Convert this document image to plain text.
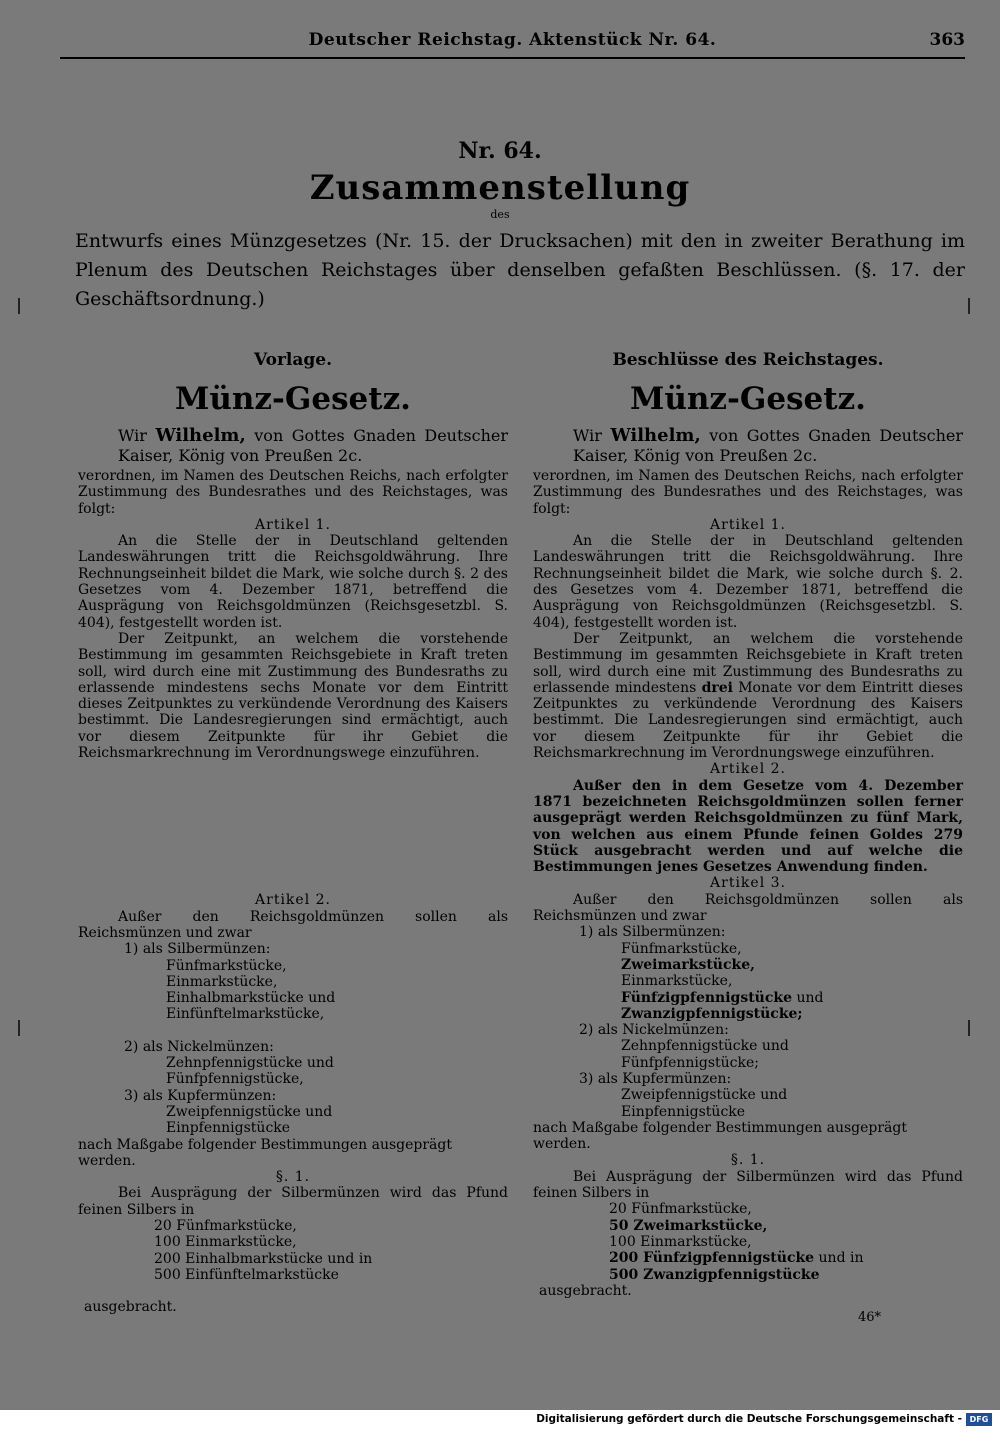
Deutscher Reichstag. Aktenstück Nr. 64.	363
Nr. 64.
Zusammenstellung
des
Entwurfs eines Münzgesetzes (Nr. 15. der Drucksachen) mit den in zweiter Berathung im Plenum des Deutschen Reichstages über denselben gefaßten Beschlüssen. (§. 17. der Geschäftsordnung.)
Vorlage.
Münz-Gesetz.

Wir Wilhelm, von Gottes Gnaden Deutscher Kaiser, König von Preußen 2c.

verordnen, im Namen des Deutschen Reichs, nach erfolgter Zustimmung des Bundesrathes und des Reichstages, was folgt:

Artikel 1.

An die Stelle der in Deutschland geltenden Landeswährungen tritt die Reichsgoldwährung. Ihre Rechnungseinheit bildet die Mark, wie solche durch §. 2 des Gesetzes vom 4. Dezember 1871, betreffend die Ausprägung von Reichsgoldmünzen (Reichsgesetzbl. S. 404), festgestellt worden ist.

Der Zeitpunkt, an welchem die vorstehende Bestimmung im gesammten Reichsgebiete in Kraft treten soll, wird durch eine mit Zustimmung des Bundesraths zu erlassende mindestens sechs Monate vor dem Eintritt dieses Zeitpunktes zu verkündende Verordnung des Kaisers bestimmt. Die Landesregierungen sind ermächtigt, auch vor diesem Zeitpunkte für ihr Gebiet die Reichsmarkrechnung im Verordnungswege einzuführen.

Artikel 2.

Außer den Reichsgoldmünzen sollen als Reichsmünzen und zwar

1) als Silbermünzen:

Fünfmarkstücke,

Einmarkstücke,

Einhalbmarkstücke und

Einfünftelmarkstücke,

2) als Nickelmünzen:

Zehnpfennigstücke und

Fünfpfennigstücke,

3) als Kupfermünzen:

Zweipfennigstücke und

Einpfennigstücke

nach Maßgabe folgender Bestimmungen ausgeprägt werden.

§. 1.

Bei Ausprägung der Silbermünzen wird das Pfund feinen Silbers in

20 Fünfmarkstücke,

100 Einmarkstücke,

200 Einhalbmarkstücke und in

500 Einfünftelmarkstücke

ausgebracht.

Beschlüsse des Reichstages.
Münz-Gesetz.

Wir Wilhelm, von Gottes Gnaden Deutscher Kaiser, König von Preußen 2c.

verordnen, im Namen des Deutschen Reichs, nach erfolgter Zustimmung des Bundesrathes und des Reichstages, was folgt:

Artikel 1.

An die Stelle der in Deutschland geltenden Landeswährungen tritt die Reichsgoldwährung. Ihre Rechnungseinheit bildet die Mark, wie solche durch §. 2. des Gesetzes vom 4. Dezember 1871, betreffend die Ausprägung von Reichsgoldmünzen (Reichsgesetzbl. S. 404), festgestellt worden ist.

Der Zeitpunkt, an welchem die vorstehende Bestimmung im gesammten Reichsgebiete in Kraft treten soll, wird durch eine mit Zustimmung des Bundesraths zu erlassende mindestens drei Monate vor dem Eintritt dieses Zeitpunktes zu verkündende Verordnung des Kaisers bestimmt. Die Landesregierungen sind ermächtigt, auch vor diesem Zeitpunkte für ihr Gebiet die Reichsmarkrechnung im Verordnungswege einzuführen.

Artikel 2.

Außer den in dem Gesetze vom 4. Dezember 1871 bezeichneten Reichsgoldmünzen sollen ferner ausgeprägt werden Reichsgoldmünzen zu fünf Mark, von welchen aus einem Pfunde feinen Goldes 279 Stück ausgebracht werden und auf welche die Bestimmungen jenes Gesetzes Anwendung finden.

Artikel 3.

Außer den Reichsgoldmünzen sollen als Reichsmünzen und zwar

1) als Silbermünzen:

Fünfmarkstücke,

Zweimarkstücke,

Einmarkstücke,

Fünfzigpfennigstücke und

Zwanzigpfennigstücke;

2) als Nickelmünzen:

Zehnpfennigstücke und

Fünfpfennigstücke;

3) als Kupfermünzen:

Zweipfennigstücke und

Einpfennigstücke

nach Maßgabe folgender Bestimmungen ausgeprägt werden.

§. 1.

Bei Ausprägung der Silbermünzen wird das Pfund feinen Silbers in

20 Fünfmarkstücke,

50 Zweimarkstücke,

100 Einmarkstücke,

200 Fünfzigpfennigstücke und in

500 Zwanzigpfennigstücke

ausgebracht.

46*
Digitalisierung gefördert durch die Deutsche Forschungsgemeinschaft - DFG
